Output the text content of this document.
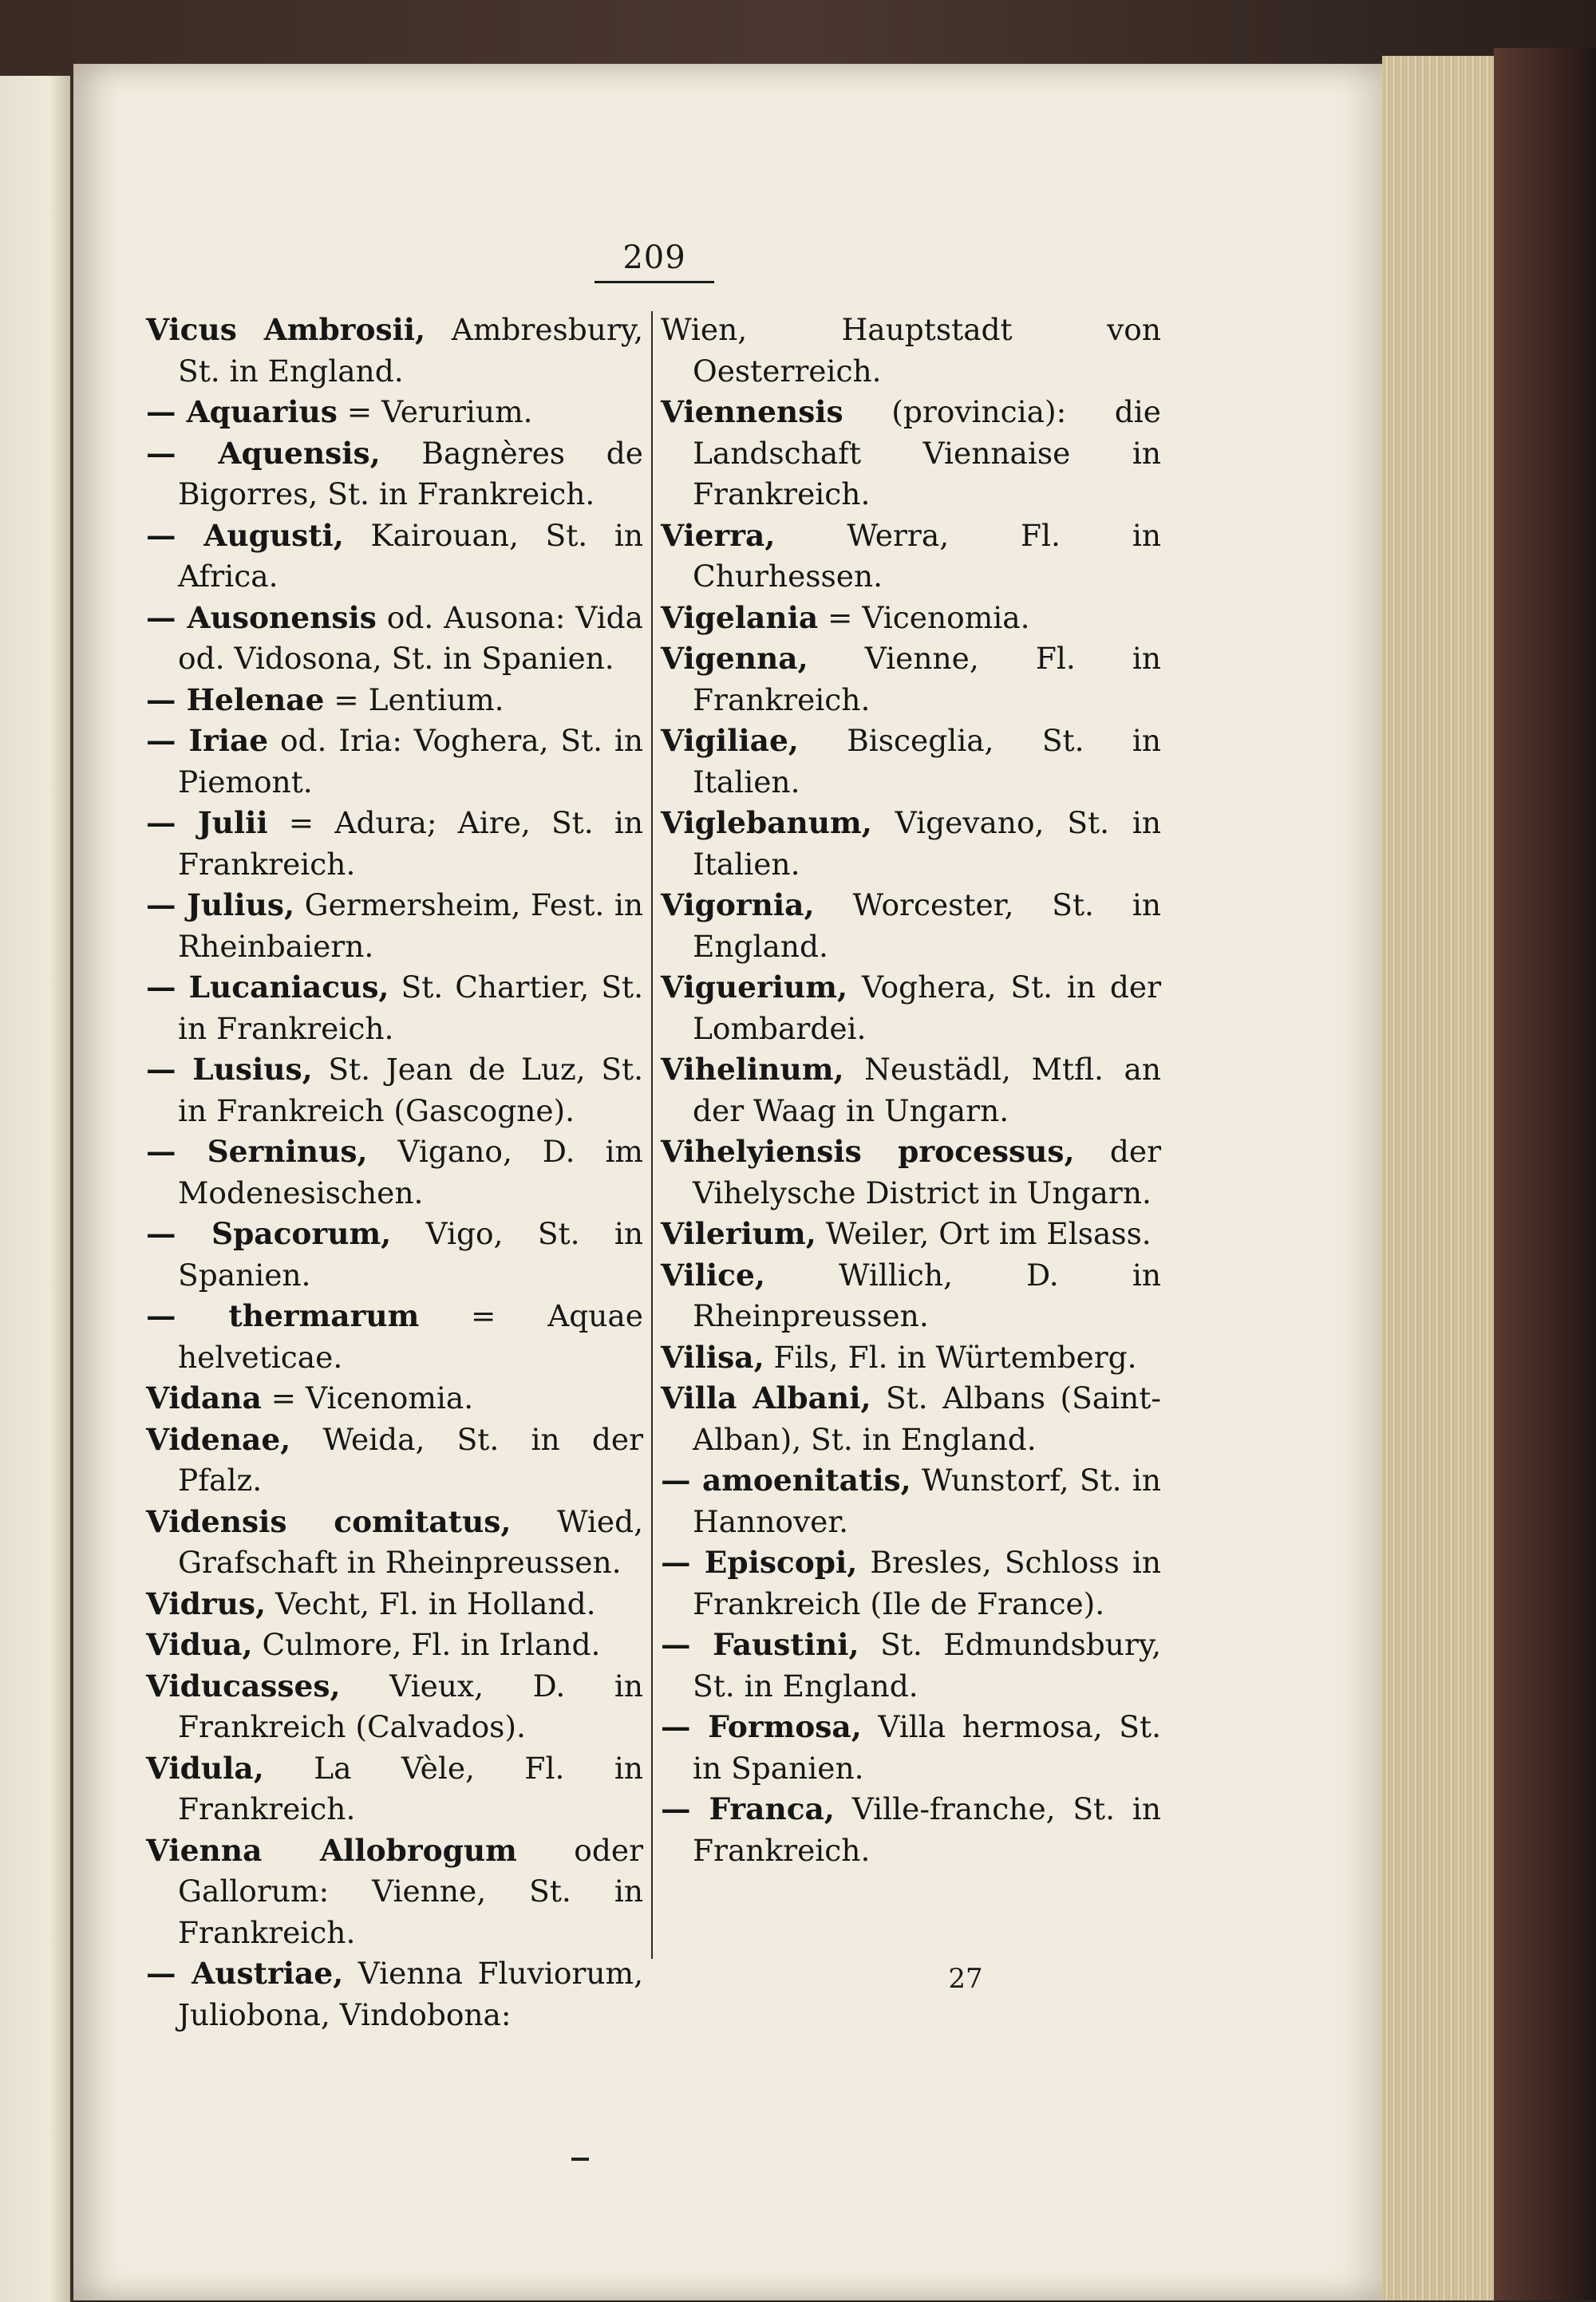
209
Vicus Ambrosii, Ambresbury, St. in England.
— Aquarius = Verurium.
— Aquensis, Bagnères de Bigorres, St. in Frankreich.
— Augusti, Kairouan, St. in Africa.
— Ausonensis od. Ausona: Vida od. Vidosona, St. in Spanien.
— Helenae = Lentium.
— Iriae od. Iria: Voghera, St. in Piemont.
— Julii = Adura; Aire, St. in Frankreich.
— Julius, Germersheim, Fest. in Rheinbaiern.
— Lucaniacus, St. Chartier, St. in Frankreich.
— Lusius, St. Jean de Luz, St. in Frankreich (Gascogne).
— Serninus, Vigano, D. im Modenesischen.
— Spacorum, Vigo, St. in Spanien.
— thermarum = Aquae helveticae.
Vidana = Vicenomia.
Videnae, Weida, St. in der Pfalz.
Vidensis comitatus, Wied, Grafschaft in Rheinpreussen.
Vidrus, Vecht, Fl. in Holland.
Vidua, Culmore, Fl. in Irland.
Viducasses, Vieux, D. in Frankreich (Calvados).
Vidula, La Vèle, Fl. in Frankreich.
Vienna Allobrogum oder Gallorum: Vienne, St. in Frankreich.
— Austriae, Vienna Fluviorum, Juliobona, Vindobona:
Wien, Hauptstadt von Oesterreich.
Viennensis (provincia): die Landschaft Viennaise in Frankreich.
Vierra, Werra, Fl. in Churhessen.
Vigelania = Vicenomia.
Vigenna, Vienne, Fl. in Frankreich.
Vigiliae, Bisceglia, St. in Italien.
Viglebanum, Vigevano, St. in Italien.
Vigornia, Worcester, St. in England.
Viguerium, Voghera, St. in der Lombardei.
Vihelinum, Neustädl, Mtfl. an der Waag in Ungarn.
Vihelyiensis processus, der Vihelysche District in Ungarn.
Vilerium, Weiler, Ort im Elsass.
Vilice, Willich, D. in Rheinpreussen.
Vilisa, Fils, Fl. in Würtemberg.
Villa Albani, St. Albans (Saint-Alban), St. in England.
— amoenitatis, Wunstorf, St. in Hannover.
— Episcopi, Bresles, Schloss in Frankreich (Ile de France).
— Faustini, St. Edmundsbury, St. in England.
— Formosa, Villa hermosa, St. in Spanien.
— Franca, Ville-franche, St. in Frankreich.
27
